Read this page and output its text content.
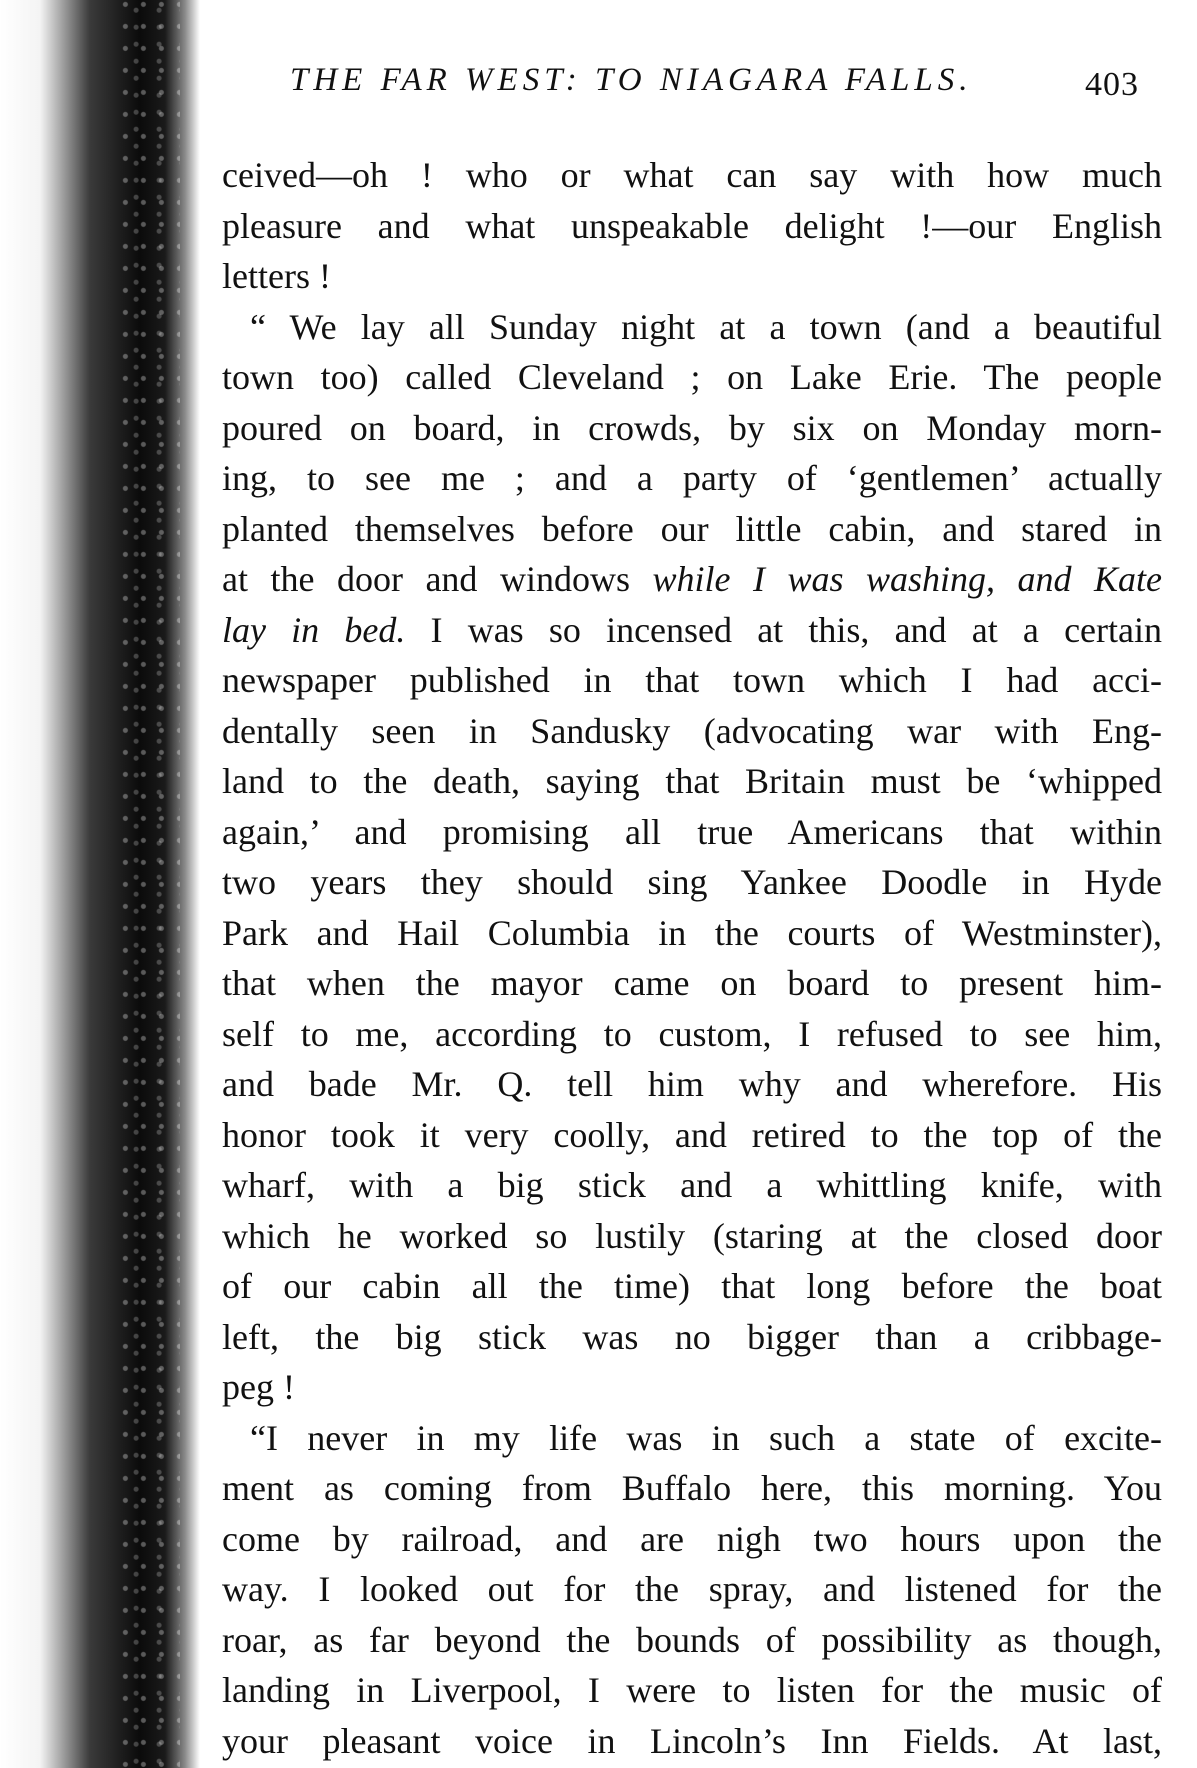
THE FAR WEST: TO NIAGARA FALLS.	403
ceived—oh ! who or what can say with how much
pleasure and what unspeakable delight !—our English
letters !
“ We lay all Sunday night at a town (and a beautiful
town too) called Cleveland ; on Lake Erie. The people
poured on board, in crowds, by six on Monday morn-
ing, to see me ; and a party of ‘gentlemen’ actually
planted themselves before our little cabin, and stared in
at the door and windows while I was washing, and Kate
lay in bed. I was so incensed at this, and at a certain
newspaper published in that town which I had acci-
dentally seen in Sandusky (advocating war with Eng-
land to the death, saying that Britain must be ‘whipped
again,’ and promising all true Americans that within
two years they should sing Yankee Doodle in Hyde
Park and Hail Columbia in the courts of Westminster),
that when the mayor came on board to present him-
self to me, according to custom, I refused to see him,
and bade Mr. Q. tell him why and wherefore. His
honor took it very coolly, and retired to the top of the
wharf, with a big stick and a whittling knife, with
which he worked so lustily (staring at the closed door
of our cabin all the time) that long before the boat
left, the big stick was no bigger than a cribbage-
peg !
“I never in my life was in such a state of excite-
ment as coming from Buffalo here, this morning. You
come by railroad, and are nigh two hours upon the
way. I looked out for the spray, and listened for the
roar, as far beyond the bounds of possibility as though,
landing in Liverpool, I were to listen for the music of
your pleasant voice in Lincoln’s Inn Fields. At last,
